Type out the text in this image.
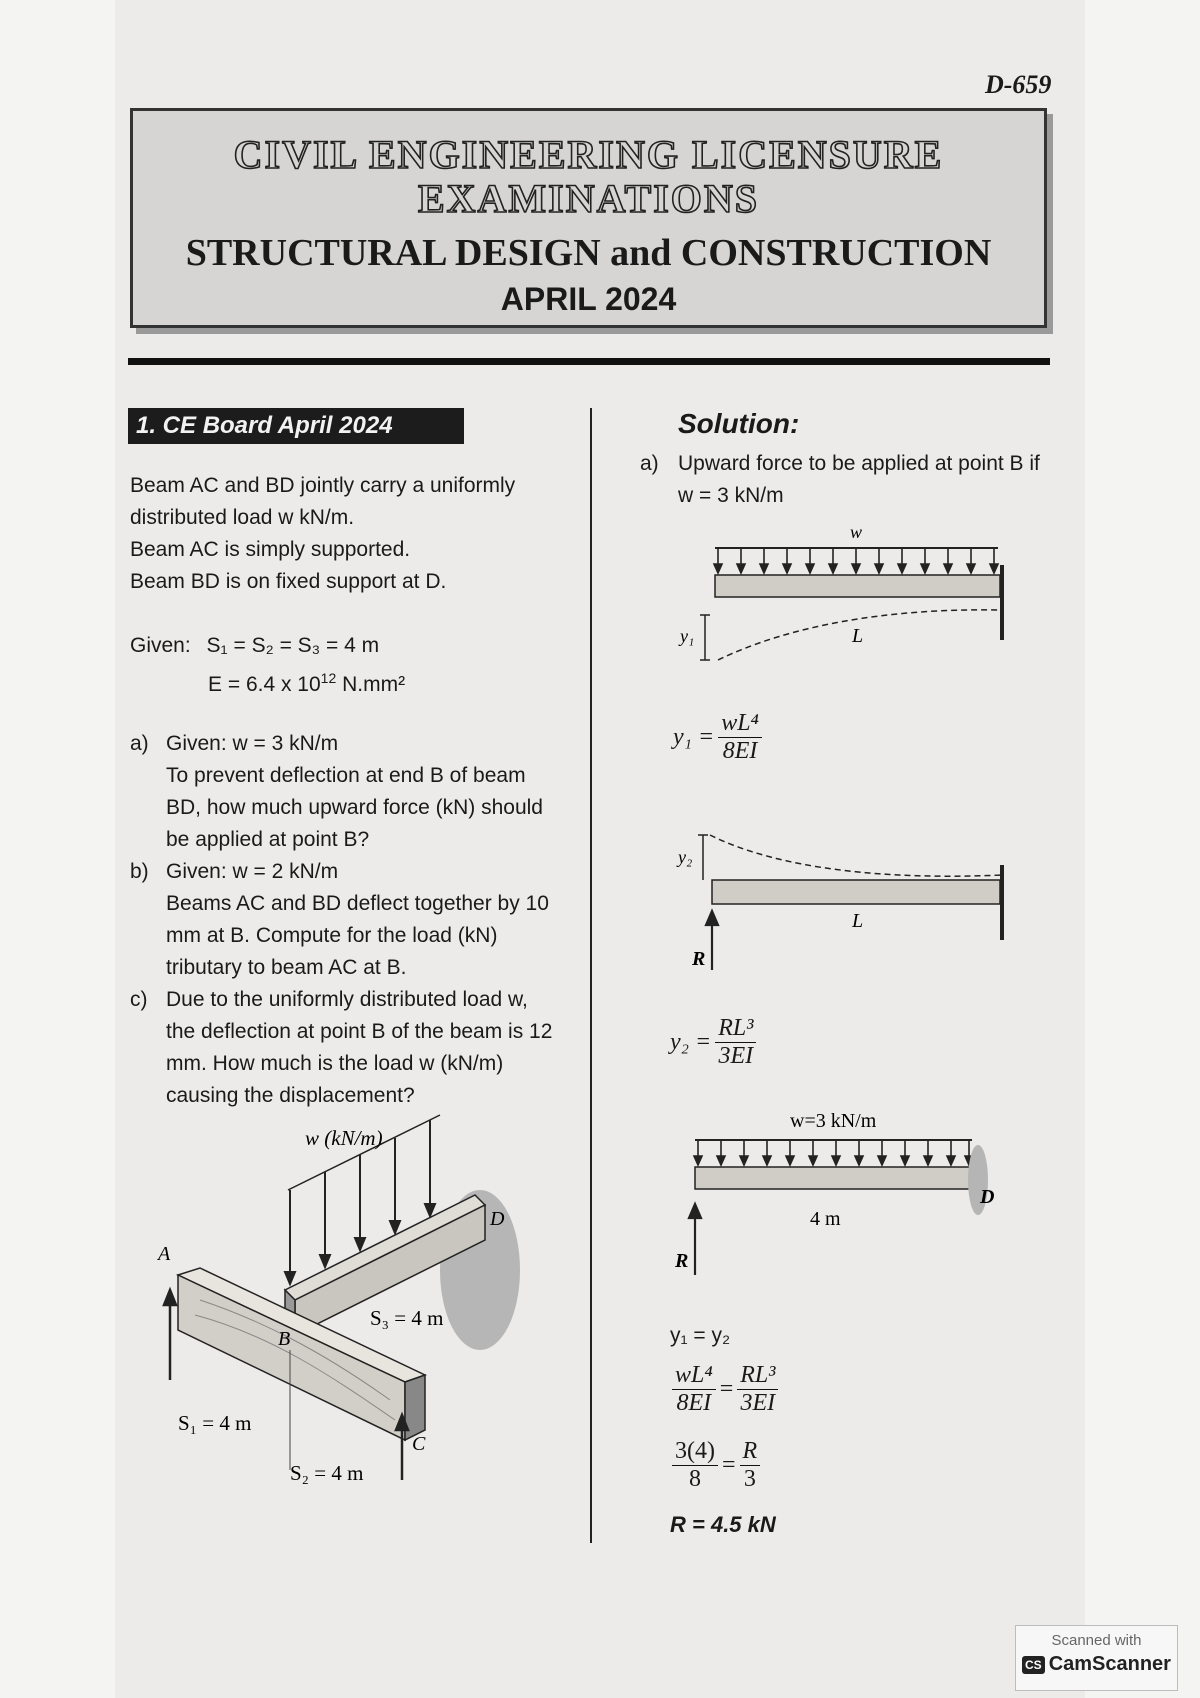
D-659
CIVIL ENGINEERING LICENSURE
EXAMINATIONS
STRUCTURAL DESIGN and CONSTRUCTION
APRIL 2024
1. CE Board April 2024
Beam AC and BD jointly carry a uniformly
distributed load w kN/m.
Beam AC is simply supported.
Beam BD is on fixed support at D.
Given: S₁ = S₂ = S₃ = 4 m
E = 6.4 x $10^{12}$ N.mm²
a) Given: w = 3 kN/m
To prevent deflection at end B of beam
BD, how much upward force (kN) should
be applied at point B?
b) Given: w = 2 kN/m
Beams AC and BD deflect together by 10
mm at B. Compute for the load (kN)
tributary to beam AC at B.
c) Due to the uniformly distributed load w,
the deflection at point B of the beam is 12
mm. How much is the load w (kN/m)
causing the displacement?
w (kN/m)
A
B
C
D
S₁ = 4 m
S₂ = 4 m
S₃ = 4 m
Solution:
a) Upward force to be applied at point B if
w = 3 kN/m
w
y₁	L
$y_1 = \frac{\text{wL⁴}}{8EI}$
y₂
R
L
$y_2 = \frac{\text{RL³}}{3EI}$
w=3 kN/m
D
4 m
R
y₁ = y₂
$\frac{\text{wL⁴}}{8EI} = \frac{\text{RL³}}{3EI}$
$\frac{3(4)}{8} = \frac{R}{3}$
R = 4.5 kN
Scanned with
CS CamScanner
